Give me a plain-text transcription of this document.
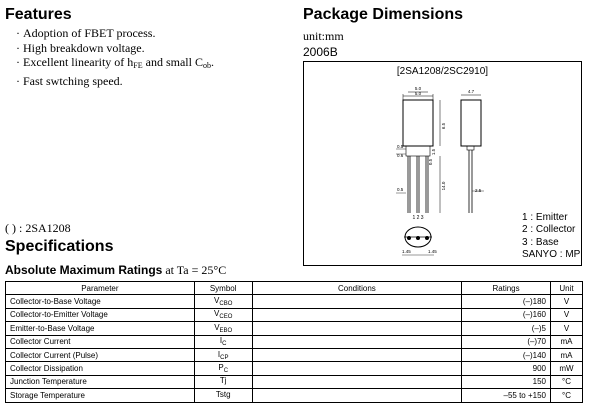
Features
· Adoption of FBET process.
· High breakdown voltage.
· Excellent linearity of $h_{FE}$ and small $C_{ob}$.
· Fast swtching speed.
Package Dimensions
unit:mm
2006B
[2SA1208/2SC2910]
5.0
5.0
6.5
0.5
0.6
1.5
0.5
14.0
0.5
1 2 3
4.7
2.5
1.45	1.45
1 : Emitter
2 : Collector
3 : Base
SANYO : MP
( ) : 2SA1208
Specifications
Absolute Maximum Ratings at Ta = 25°C
Parameter	Symbol	Conditions	Ratings	Unit
Collector-to-Base Voltage	$V_{CBO}$		(–)180	V
Collector-to-Emitter Voltage	$V_{CEO}$		(–)160	V
Emitter-to-Base Voltage	$V_{EBO}$		(–)5	V
Collector Current	$I_C$		(–)70	mA
Collector Current (Pulse)	$I_{CP}$		(–)140	mA
Collector Dissipation	$P_C$		900	mW
Junction Temperature	Tj		150	°C
Storage Temperature	Tstg		–55 to +150	°C
